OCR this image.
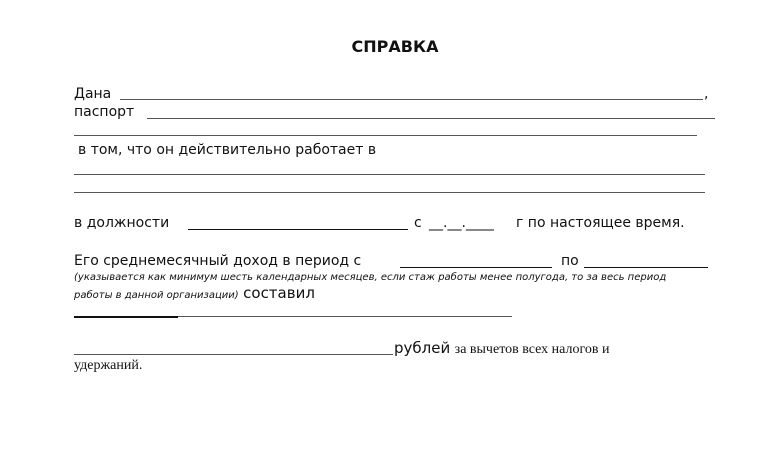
СПРАВКА
Дана	,
паспорт
в том, что он действительно работает в
в должности	с __.__.____ г по настоящее время.
Его среднемесячный доход в период с	по
(указывается как минимум шесть календарных месяцев, если стаж работы менее полугода, то за весь период
работы в данной организации) составил
рублей за вычетов всех налогов и
удержаний.
